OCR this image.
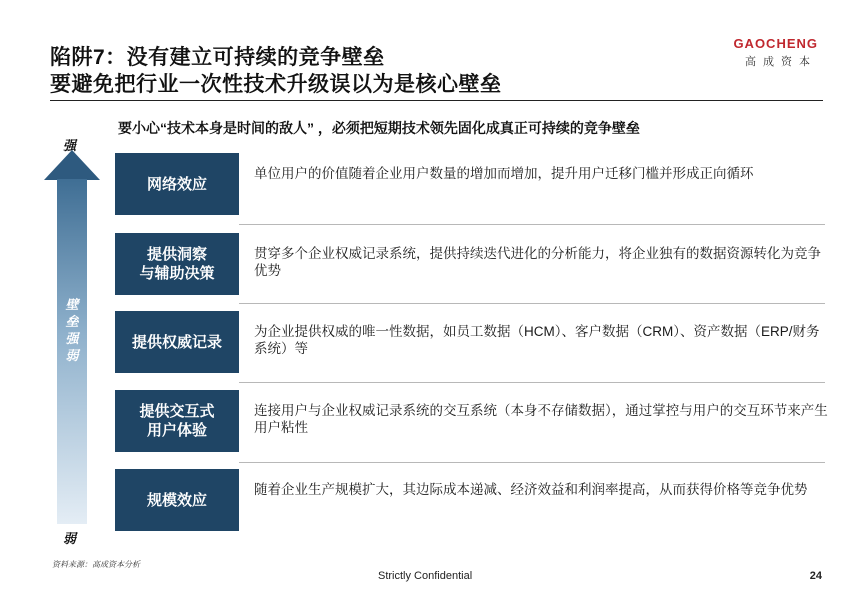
陷阱7：没有建立可持续的竞争壁垒
要避免把行业一次性技术升级误以为是核心壁垒
GAOCHENG
高成资本
要小心“技术本身是时间的敌人” ，必须把短期技术领先固化成真正可持续的竞争壁垒
强
壁
垒
强
弱
弱
网络效应
单位用户的价值随着企业用户数量的增加而增加，提升用户迁移门槛并形成正向循环
提供洞察
与辅助决策
贯穿多个企业权威记录系统，提供持续迭代进化的分析能力，将企业独有的数据资源转化为竞争优势
提供权威记录
为企业提供权威的唯一性数据，如员工数据（HCM）、客户数据（CRM）、资产数据（ERP/财务系统）等
提供交互式
用户体验
连接用户与企业权威记录系统的交互系统（本身不存储数据），通过掌控与用户的交互环节来产生用户粘性
规模效应
随着企业生产规模扩大，其边际成本递减、经济效益和利润率提高，从而获得价格等竞争优势
资料来源：高成资本分析
Strictly Confidential	24
